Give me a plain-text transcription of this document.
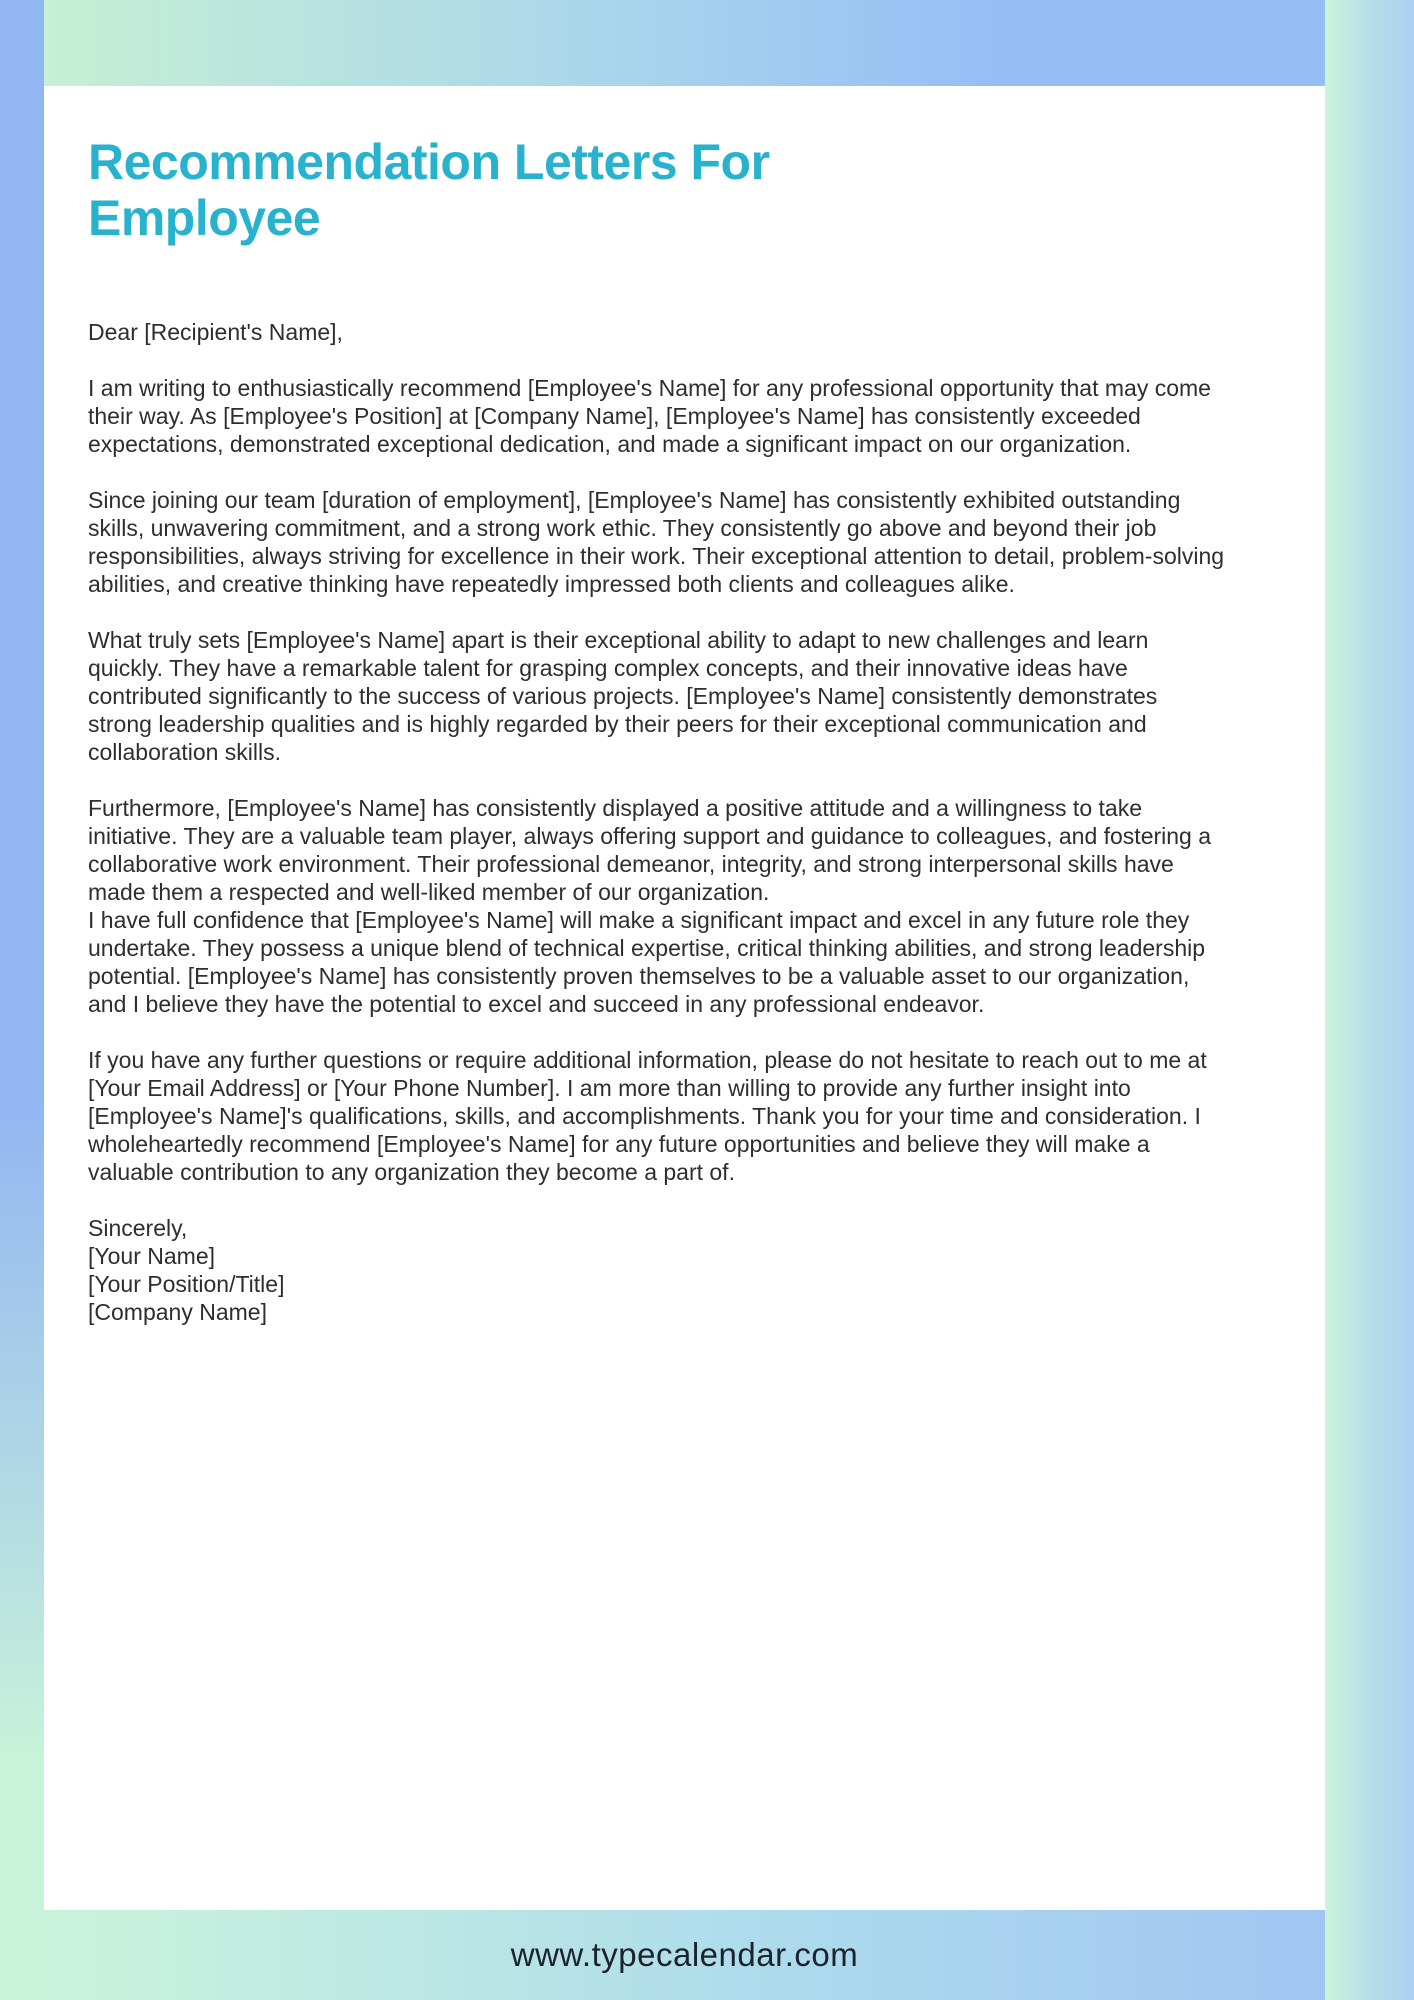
Recommendation Letters For
Employee

Dear [Recipient's Name],

I am writing to enthusiastically recommend [Employee's Name] for any professional opportunity that may come their way. As [Employee's Position] at [Company Name], [Employee's Name] has consistently exceeded expectations, demonstrated exceptional dedication, and made a significant impact on our organization.

Since joining our team [duration of employment], [Employee's Name] has consistently exhibited outstanding skills, unwavering commitment, and a strong work ethic. They consistently go above and beyond their job responsibilities, always striving for excellence in their work. Their exceptional attention to detail, problem-solving abilities, and creative thinking have repeatedly impressed both clients and colleagues alike.

What truly sets [Employee's Name] apart is their exceptional ability to adapt to new challenges and learn quickly. They have a remarkable talent for grasping complex concepts, and their innovative ideas have contributed significantly to the success of various projects. [Employee's Name] consistently demonstrates strong leadership qualities and is highly regarded by their peers for their exceptional communication and collaboration skills.

Furthermore, [Employee's Name] has consistently displayed a positive attitude and a willingness to take initiative. They are a valuable team player, always offering support and guidance to colleagues, and fostering a collaborative work environment. Their professional demeanor, integrity, and strong interpersonal skills have made them a respected and well-liked member of our organization.

I have full confidence that [Employee's Name] will make a significant impact and excel in any future role they undertake. They possess a unique blend of technical expertise, critical thinking abilities, and strong leadership potential. [Employee's Name] has consistently proven themselves to be a valuable asset to our organization, and I believe they have the potential to excel and succeed in any professional endeavor.

If you have any further questions or require additional information, please do not hesitate to reach out to me at [Your Email Address] or [Your Phone Number]. I am more than willing to provide any further insight into [Employee's Name]'s qualifications, skills, and accomplishments. Thank you for your time and consideration. I wholeheartedly recommend [Employee's Name] for any future opportunities and believe they will make a valuable contribution to any organization they become a part of.

Sincerely,
[Your Name]
[Your Position/Title]
[Company Name]
www.typecalendar.com
